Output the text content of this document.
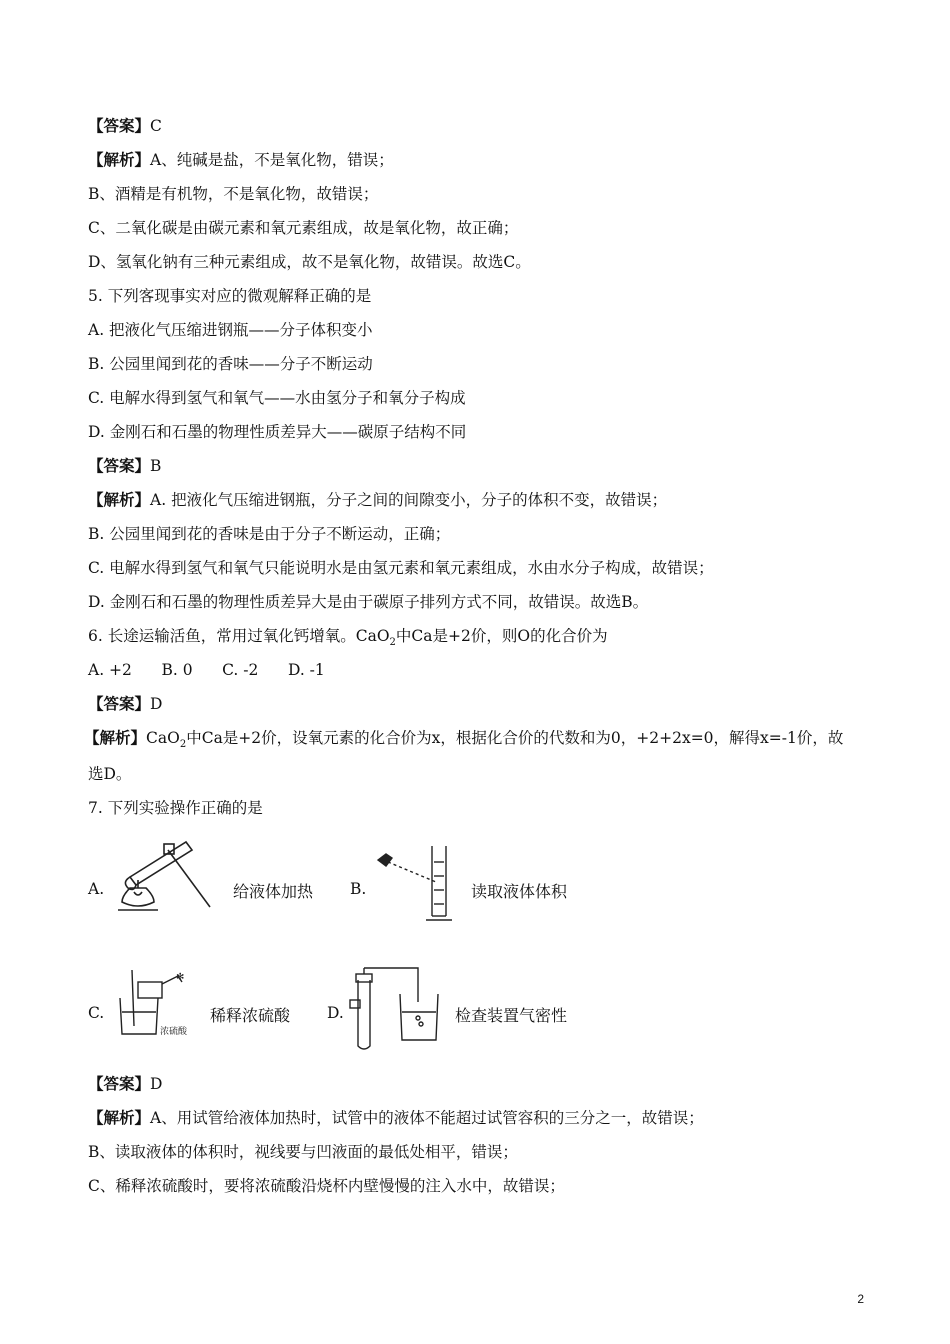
【答案】C
【解析】A、纯碱是盐，不是氧化物，错误；
B、酒精是有机物，不是氧化物，故错误；
C、二氧化碳是由碳元素和氧元素组成，故是氧化物，故正确；
D、氢氧化钠有三种元素组成，故不是氧化物，故错误。故选C。
5. 下列客现事实对应的微观解释正确的是
A. 把液化气压缩进钢瓶——分子体积变小
B. 公园里闻到花的香味——分子不断运动
C. 电解水得到氢气和氧气——水由氢分子和氧分子构成
D. 金刚石和石墨的物理性质差异大——碳原子结构不同
【答案】B
【解析】A. 把液化气压缩进钢瓶，分子之间的间隙变小，分子的体积不变，故错误；
B. 公园里闻到花的香味是由于分子不断运动，正确；
C. 电解水得到氢气和氧气只能说明水是由氢元素和氧元素组成，水由水分子构成，故错误；
D. 金刚石和石墨的物理性质差异大是由于碳原子排列方式不同，故错误。故选B。
6. 长途运输活鱼，常用过氧化钙增氧。CaO$_2$中Ca是+2价，则O的化合价为
A. +2      B. 0      C. -2      D. -1
【答案】D
【解析】CaO$_2$中Ca是+2价，设氧元素的化合价为x，根据化合价的代数和为0，+2+2x=0，解得x=-1价，故
选D。
7. 下列实验操作正确的是
A.	给液体加热 B.	读取液体体积
C.
✻
浓硫酸
稀释浓硫酸 D.	检查装置气密性
【答案】D
【解析】A、用试管给液体加热时，试管中的液体不能超过试管容积的三分之一，故错误；
B、读取液体的体积时，视线要与凹液面的最低处相平，错误；
C、稀释浓硫酸时，要将浓硫酸沿烧杯内壁慢慢的注入水中，故错误；
2
